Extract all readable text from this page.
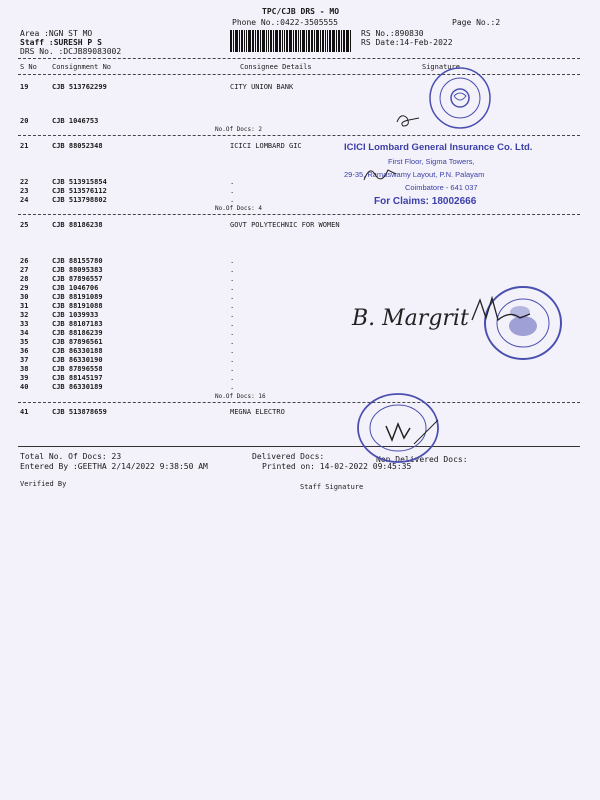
TPC/CJB DRS - MO
Phone No.:0422-3505555	Page No.:2
Area :NGN ST MO
Staff :SURESH P S
DRS No. :DCJB89083002
RS No.:890830
RS Date:14-Feb-2022
S No Consignment No	Consignee Details	Signature
19	CJB 513762299	CITY UNION BANK
20	CJB 1046753
No.Of Docs: 2
21	CJB 88052348	ICICI LOMBARD GIC
22	CJB 513915854	.
23	CJB 513576112	.
24	CJB 513798802	.
No.Of Docs: 4
25	CJB 88186238	GOVT POLYTECHNIC FOR WOMEN
26	CJB 88155780	.
27	CJB 88095383	.
28	CJB 87896557	.
29	CJB 1046706	.
30	CJB 88191089	.
31	CJB 88191088	.
32	CJB 1039933	.
33	CJB 88107183	.
34	CJB 88186239	.
35	CJB 87896561	.
36	CJB 86330188	.
37	CJB 86330190	.
38	CJB 87896558	.
39	CJB 88145197	.
40	CJB 86330189	.
No.Of Docs: 16
41	CJB 513878659	MEGNA ELECTRO
Total No. Of Docs: 23
Entered By :GEETHA 2/14/2022 9:38:50 AM
Delivered Docs:	Non Delivered Docs:
Printed on: 14-02-2022 09:45:35
Verified By	Staff Signature
ICICI Lombard General Insurance Co. Ltd.
First Floor, Sigma Towers,
29-35, Ramaswamy Layout, P.N. Palayam
Coimbatore - 641 037
For Claims: 18002666
B. Margrit
